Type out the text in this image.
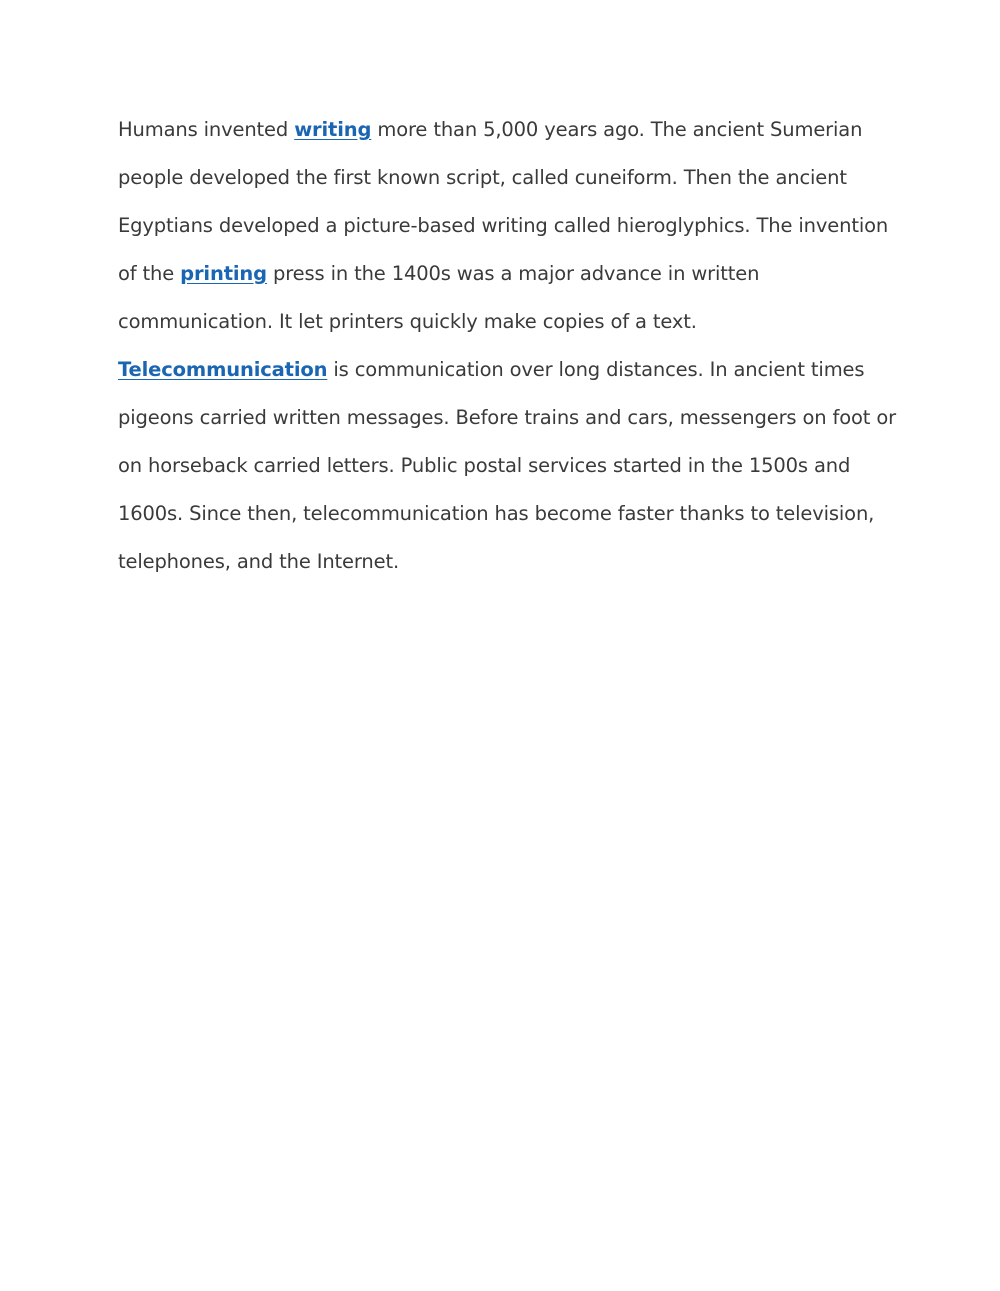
Humans invented writing more than 5,000 years ago. The ancient Sumerian
people developed the first known script, called cuneiform. Then the ancient
Egyptians developed a picture-based writing called hieroglyphics. The invention
of the printing press in the 1400s was a major advance in written
communication. It let printers quickly make copies of a text.
Telecommunication is communication over long distances. In ancient times
pigeons carried written messages. Before trains and cars, messengers on foot or
on horseback carried letters. Public postal services started in the 1500s and
1600s. Since then, telecommunication has become faster thanks to television,
telephones, and the Internet.
